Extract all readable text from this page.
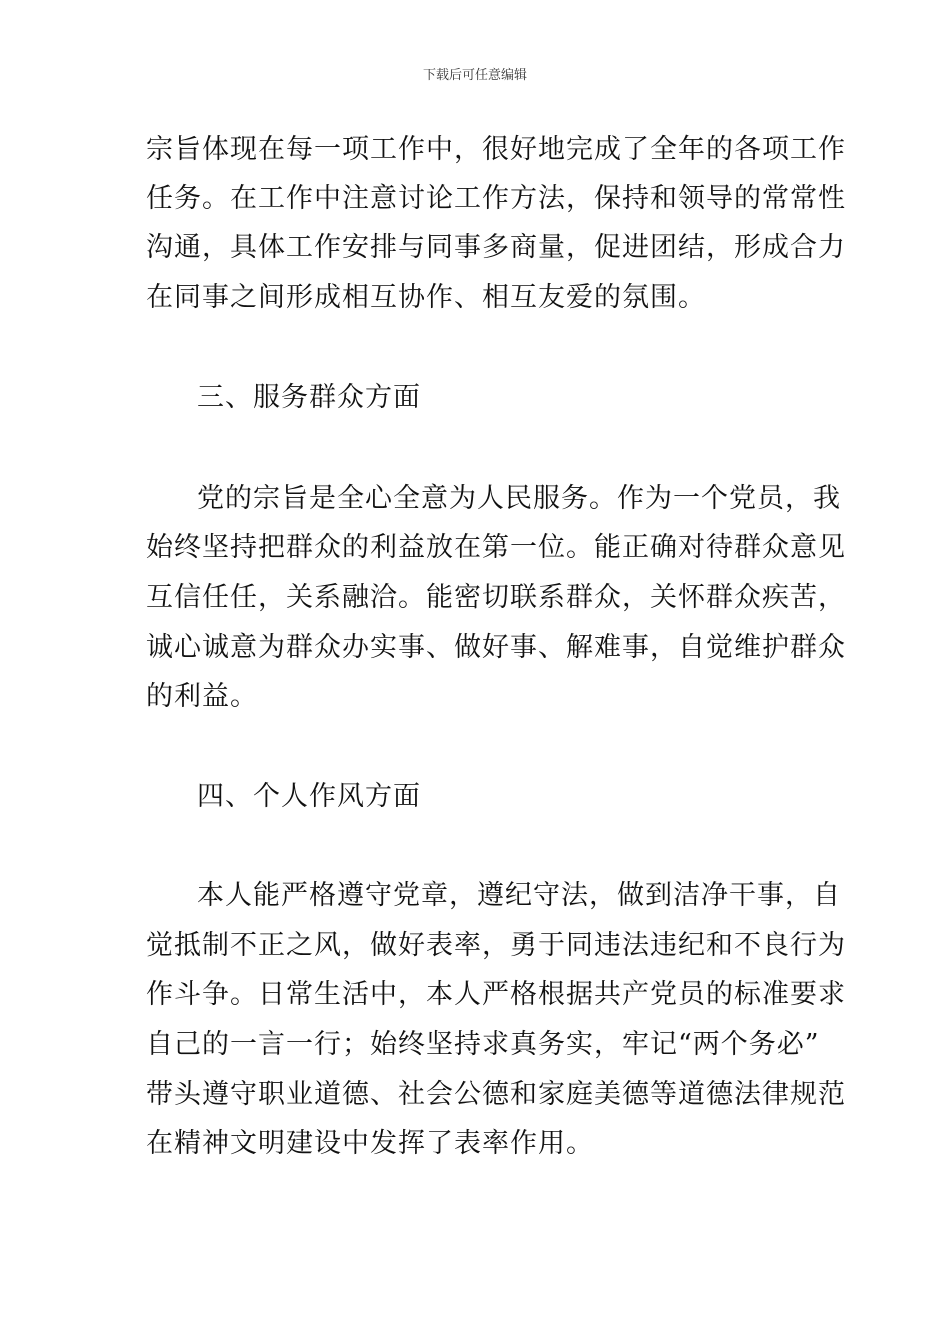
下载后可任意编辑
宗旨体现在每一项工作中，很好地完成了全年的各项工作
任务。在工作中注意讨论工作方法，保持和领导的常常性
沟通，具体工作安排与同事多商量，促进团结，形成合力
在同事之间形成相互协作、相互友爱的氛围。
三、服务群众方面
党的宗旨是全心全意为人民服务。作为一个党员，我
始终坚持把群众的利益放在第一位。能正确对待群众意见
互信任任，关系融洽。能密切联系群众，关怀群众疾苦，
诚心诚意为群众办实事、做好事、解难事，自觉维护群众
的利益。
四、个人作风方面
本人能严格遵守党章，遵纪守法，做到洁净干事，自
觉抵制不正之风，做好表率，勇于同违法违纪和不良行为
作斗争。日常生活中，本人严格根据共产党员的标准要求
自己的一言一行；始终坚持求真务实，牢记“两个务必”
带头遵守职业道德、社会公德和家庭美德等道德法律规范
在精神文明建设中发挥了表率作用。
